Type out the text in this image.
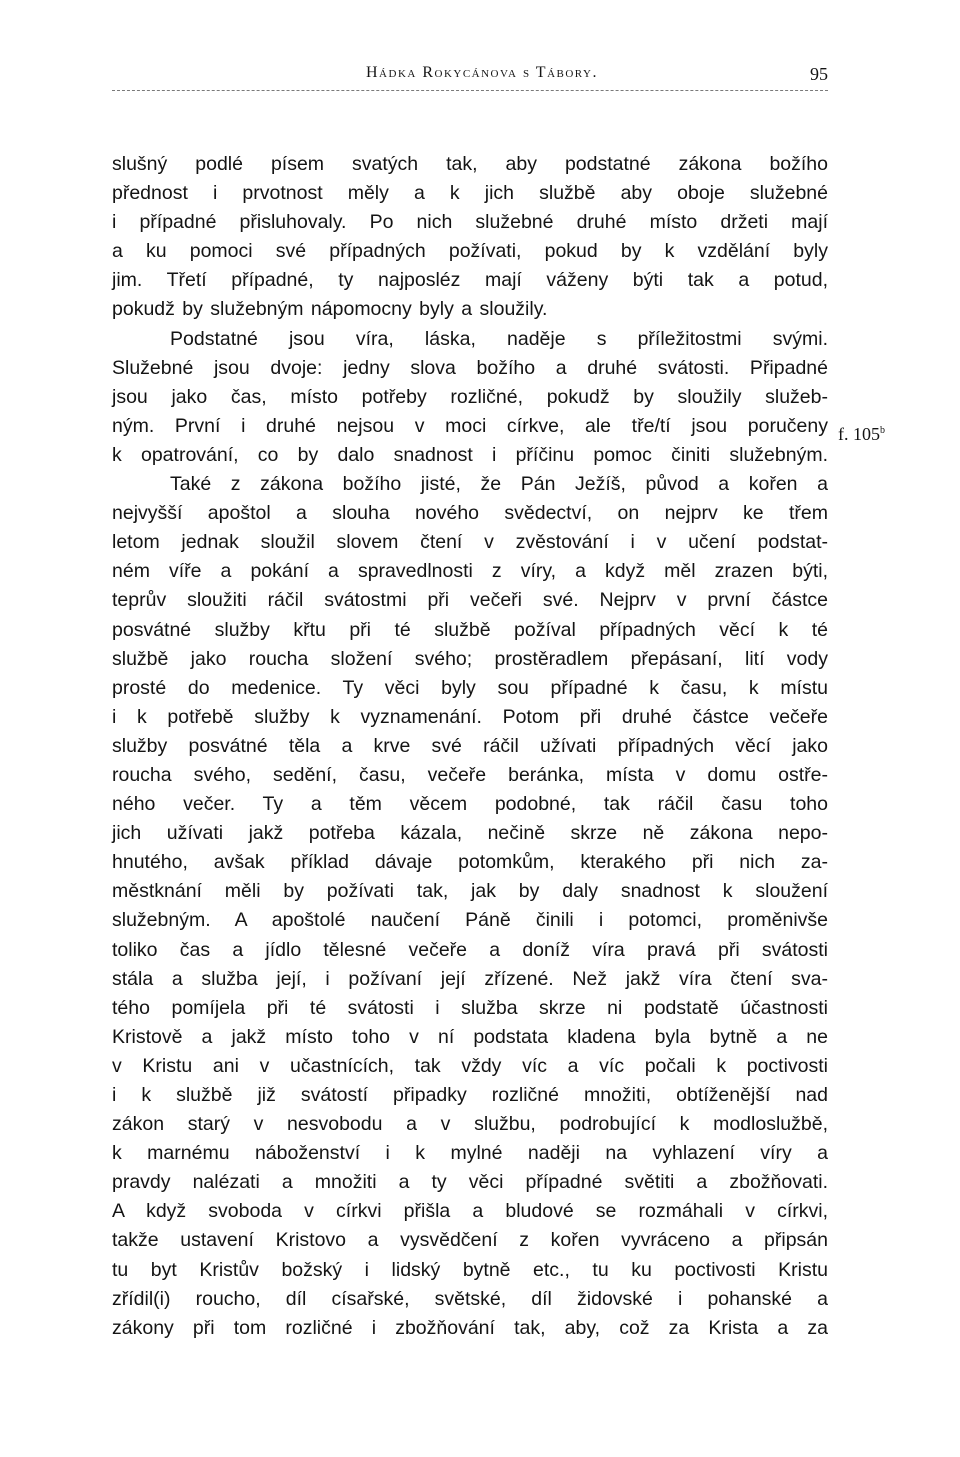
Hádka Rokycánova s Tábory.	95
slušný podlé písem svatých tak, aby podstatné zákona božího
přednost i prvotnost měly a k jich službě aby oboje služebné
i případné přisluhovaly. Po nich služebné druhé místo držeti mají
a ku pomoci své případných požívati, pokud by k vzdělání byly
jim. Třetí případné, ty najposléz mají váženy býti tak a potud,
pokudž by služebným nápomocny byly a sloužily.
Podstatné jsou víra, láska, naděje s příležitostmi svými.
Služebné jsou dvoje: jedny slova božího a druhé svátosti. Připadné
jsou jako čas, místo potřeby rozličné, pokudž by sloužily služeb-
ným. První i druhé nejsou v moci církve, ale tře/tí jsou poručeny
k opatrování, co by dalo snadnost i příčinu pomoc činiti služebným.
Také z zákona božího jisté, že Pán Ježíš, původ a kořen a
nejvyšší apoštol a slouha nového svědectví, on nejprv ke třem
letom jednak sloužil slovem čtení v zvěstování i v učení podstat-
ném víře a pokání a spravedlnosti z víry, a když měl zrazen býti,
teprův sloužiti ráčil svátostmi při večeři své. Nejprv v první částce
posvátné služby křtu při té službě požíval případných věcí k té
službě jako roucha složení svého; prostěradlem přepásaní, lití vody
prosté do medenice. Ty věci byly sou případné k času, k místu
i k potřebě služby k vyznamenání. Potom při druhé částce večeře
služby posvátné těla a krve své ráčil užívati případných věcí jako
roucha svého, sedění, času, večeře beránka, místa v domu ostře-
ného večer. Ty a těm věcem podobné, tak ráčil času toho
jich užívati jakž potřeba kázala, nečině skrze ně zákona nepo-
hnutého, avšak příklad dávaje potomkům, kterakého při nich za-
městknání měli by požívati tak, jak by daly snadnost k sloužení
služebným. A apoštolé naučení Páně činili i potomci, proměnivše
toliko čas a jídlo tělesné večeře a doníž víra pravá při svátosti
stála a služba její, i požívaní její zřízené. Než jakž víra čtení sva-
tého pomíjela při té svátosti i služba skrze ni podstatě účastnosti
Kristově a jakž místo toho v ní podstata kladena byla bytně a ne
v Kristu ani v učastnících, tak vždy víc a víc počali k poctivosti
i k službě již svátostí připadky rozličné množiti, obtíženější nad
zákon starý v nesvobodu a v službu, podrobující k modloslužbě,
k marnému náboženství i k mylné naději na vyhlazení víry a
pravdy nalézati a množiti a ty věci případné světiti a zbožňovati.
A když svoboda v církvi přišla a bludové se rozmáhali v církvi,
takže ustavení Kristovo a vysvědčení z kořen vyvráceno a připsán
tu byt Kristův božský i lidský bytně etc., tu ku poctivosti Kristu
zřídil(i) roucho, díl císařské, světské, díl židovské i pohanské a
zákony při tom rozličné i zbožňování tak, aby, což za Krista a za
f. 105$^b$
